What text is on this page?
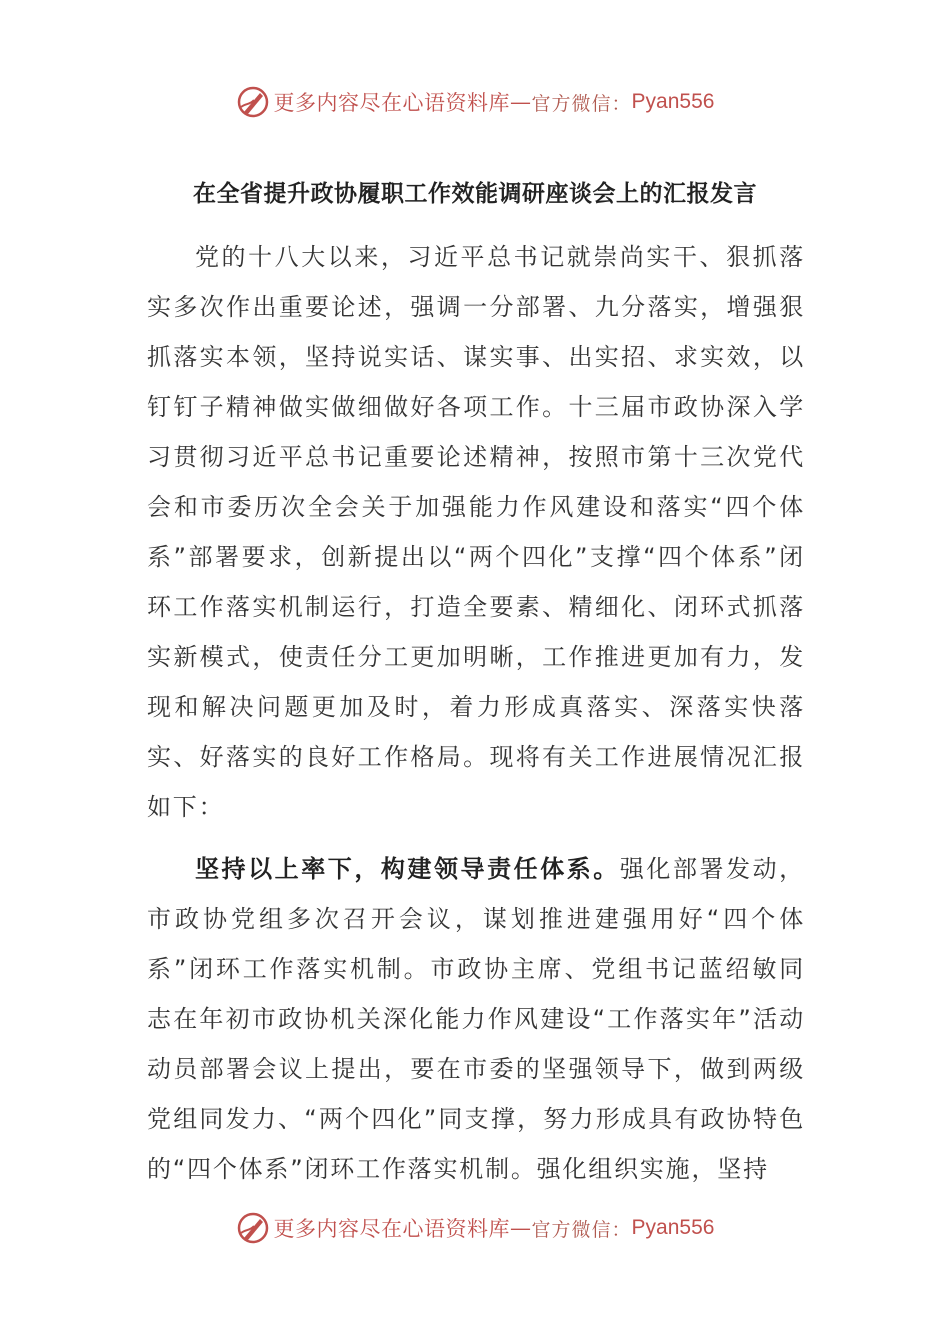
更多内容尽在心语资料库 — 官方微信： Pyan556
在全省提升政协履职工作效能调研座谈会上的汇报发言

党的十八大以来，习近平总书记就崇尚实干、狠抓落实多次作出重要论述，强调一分部署、九分落实，增强狠抓落实本领，坚持说实话、谋实事、出实招、求实效，以钉钉子精神做实做细做好各项工作。十三届市政协深入学习贯彻习近平总书记重要论述精神，按照市第十三次党代会和市委历次全会关于加强能力作风建设和落实“四个体系”部署要求，创新提出以“两个四化”支撑“四个体系”闭环工作落实机制运行，打造全要素、精细化、闭环式抓落实新模式，使责任分工更加明晰，工作推进更加有力，发现和解决问题更加及时，着力形成真落实、深落实快落实、好落实的良好工作格局。现将有关工作进展情况汇报如下：

坚持以上率下，构建领导责任体系。强化部署发动，市政协党组多次召开会议，谋划推进建强用好“四个体系”闭环工作落实机制。市政协主席、党组书记蓝绍敏同志在年初市政协机关深化能力作风建设“工作落实年”活动动员部署会议上提出，要在市委的坚强领导下，做到两级党组同发力、“两个四化”同支撑，努力形成具有政协特色的“四个体系”闭环工作落实机制。强化组织实施，坚持

更多内容尽在心语资料库 — 官方微信： Pyan556
